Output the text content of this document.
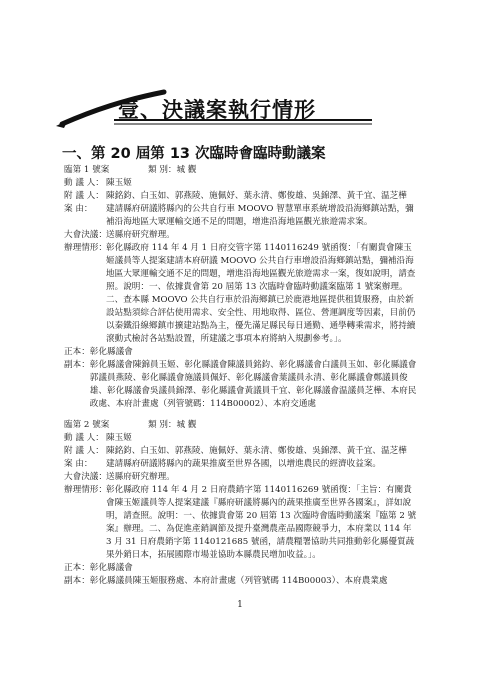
壹、決議案執行情形
一、第 20 屆第 13 次臨時會臨時動議案
臨第 1 號案	類 別：城 觀
動 議 人： 陳玉姬
附 議 人： 陳銘鈞、白玉如、郭燕陵、施佩妤、葉永清、鄭俊雄、吳錦澤、黃千宜、温芝樺
案 由：	建請縣府研議將縣內的公共自行車 MOOVO 智慧單車系統增設沿海鄉鎮站點，彌補沿海地區大眾運輸交通不足的問題，增進沿海地區觀光旅遊需求案。
大會決議： 送縣府研究辦理。
辦理情形： 彰化縣政府 114 年 4 月 1 日府交管字第 1140116249 號函復：「有關貴會陳玉姬議員等人提案建請本府研議 MOOVO 公共自行車增設沿海鄉鎮站點，彌補沿海地區大眾運輸交通不足的問題，增進沿海地區觀光旅遊需求一案，復如說明，請查照。說明：一、依據貴會第 20 屆第 13 次臨時會臨時動議案臨第 1 號案辦理。二、查本縣 MOOVO 公共自行車於沿海鄉鎮已於鹿港地區提供租賃服務，由於新設站點須綜合評估使用需求、安全性、用地取得、區位、營運調度等因素，目前仍以秦鐵沿線鄉鎮市擴建站點為主，優先滿足縣民每日通勤、通學轉乘需求，將持續滾動式檢討各站點設置，所建議之事項本府將納入規劃參考。」。
正本： 彰化縣議會
副本： 彰化縣議會陳錦員玉姬、彰化縣議會陳議員銘鈞、彰化縣議會白議員玉如、彰化縣議會郭議員燕陵、彰化縣議會施議員佩妤、彰化縣議會葉議員永清、彰化縣議會鄭議員俊雄、彰化縣議會吳議員錦澤、彰化縣議會黃議員千宜、彰化縣議會温議員芝樺、本府民政處、本府計畫處（列管號碼：114B00002）、本府交通處
臨第 2 號案	類 別：城 觀
動 議 人： 陳玉姬
附 議 人： 陳銘鈞、白玉如、郭燕陵、施佩妤、葉永清、鄭俊雄、吳錦澤、黃千宜、温芝樺
案 由：	建請縣府研議將縣內的蔬果推廣至世界各國，以增進農民的經濟收益案。
大會決議： 送縣府研究辦理。
辦理情形： 彰化縣政府 114 年 4 月 2 日府農銷字第 1140116269 號函復：「主旨：有關貴會陳玉姬議員等人提案建議『縣府研議將縣內的蔬果推廣至世界各國案』，詳如說明，請查照。說明：一、依據貴會第 20 屆第 13 次臨時會臨時動議案『臨第 2 號案』辦理。二、為促進產銷調節及提升臺灣農產品國際競爭力，本府業以 114 年 3 月 31 日府農銷字第 1140121685 號函，請農糧署協助共同推動彰化縣優質蔬果外銷日本，拓展國際市場並協助本縣農民增加收益。」。
正本： 彰化縣議會
副本： 彰化縣議員陳玉姬服務處、本府計畫處（列管號碼 114B00003）、本府農業處
1
